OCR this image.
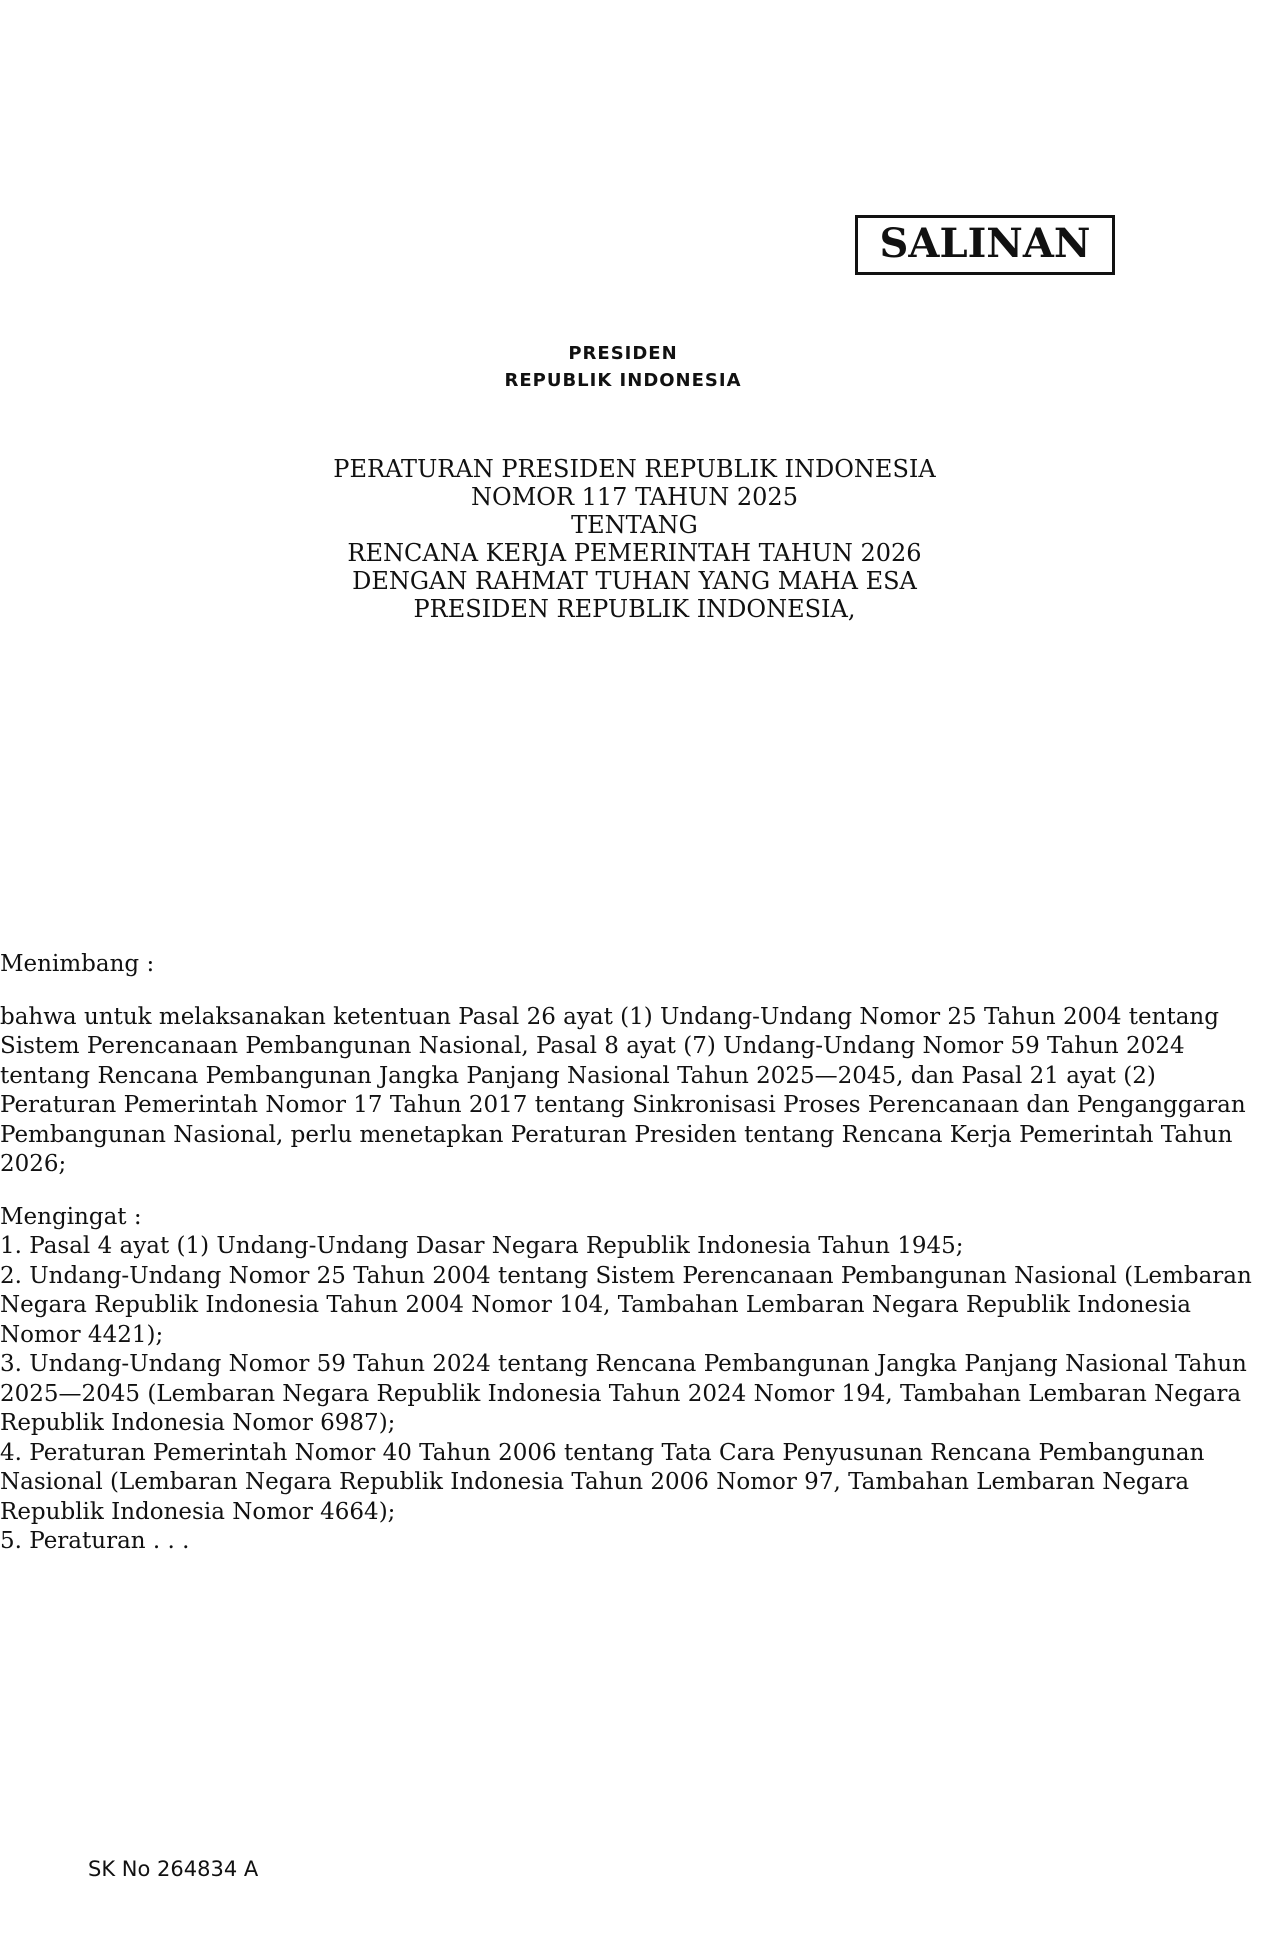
PRESIDEN
REPUBLIK INDONESIA
SALINAN
PERATURAN PRESIDEN REPUBLIK INDONESIA
NOMOR 117 TAHUN 2025
TENTANG
RENCANA KERJA PEMERINTAH TAHUN 2026
DENGAN RAHMAT TUHAN YANG MAHA ESA
PRESIDEN REPUBLIK INDONESIA,
Menimbang :

bahwa untuk melaksanakan ketentuan Pasal 26 ayat (1) Undang-Undang Nomor 25 Tahun 2004 tentang Sistem Perencanaan Pembangunan Nasional, Pasal 8 ayat (7) Undang-Undang Nomor 59 Tahun 2024 tentang Rencana Pembangunan Jangka Panjang Nasional Tahun 2025—2045, dan Pasal 21 ayat (2) Peraturan Pemerintah Nomor 17 Tahun 2017 tentang Sinkronisasi Proses Perencanaan dan Penganggaran Pembangunan Nasional, perlu menetapkan Peraturan Presiden tentang Rencana Kerja Pemerintah Tahun 2026;

Mengingat :
1. Pasal 4 ayat (1) Undang-Undang Dasar Negara Republik Indonesia Tahun 1945;
2. Undang-Undang Nomor 25 Tahun 2004 tentang Sistem Perencanaan Pembangunan Nasional (Lembaran Negara Republik Indonesia Tahun 2004 Nomor 104, Tambahan Lembaran Negara Republik Indonesia Nomor 4421);
3. Undang-Undang Nomor 59 Tahun 2024 tentang Rencana Pembangunan Jangka Panjang Nasional Tahun 2025—2045 (Lembaran Negara Republik Indonesia Tahun 2024 Nomor 194, Tambahan Lembaran Negara Republik Indonesia Nomor 6987);
4. Peraturan Pemerintah Nomor 40 Tahun 2006 tentang Tata Cara Penyusunan Rencana Pembangunan Nasional (Lembaran Negara Republik Indonesia Tahun 2006 Nomor 97, Tambahan Lembaran Negara Republik Indonesia Nomor 4664);
5. Peraturan . . .
SK No 264834 A
